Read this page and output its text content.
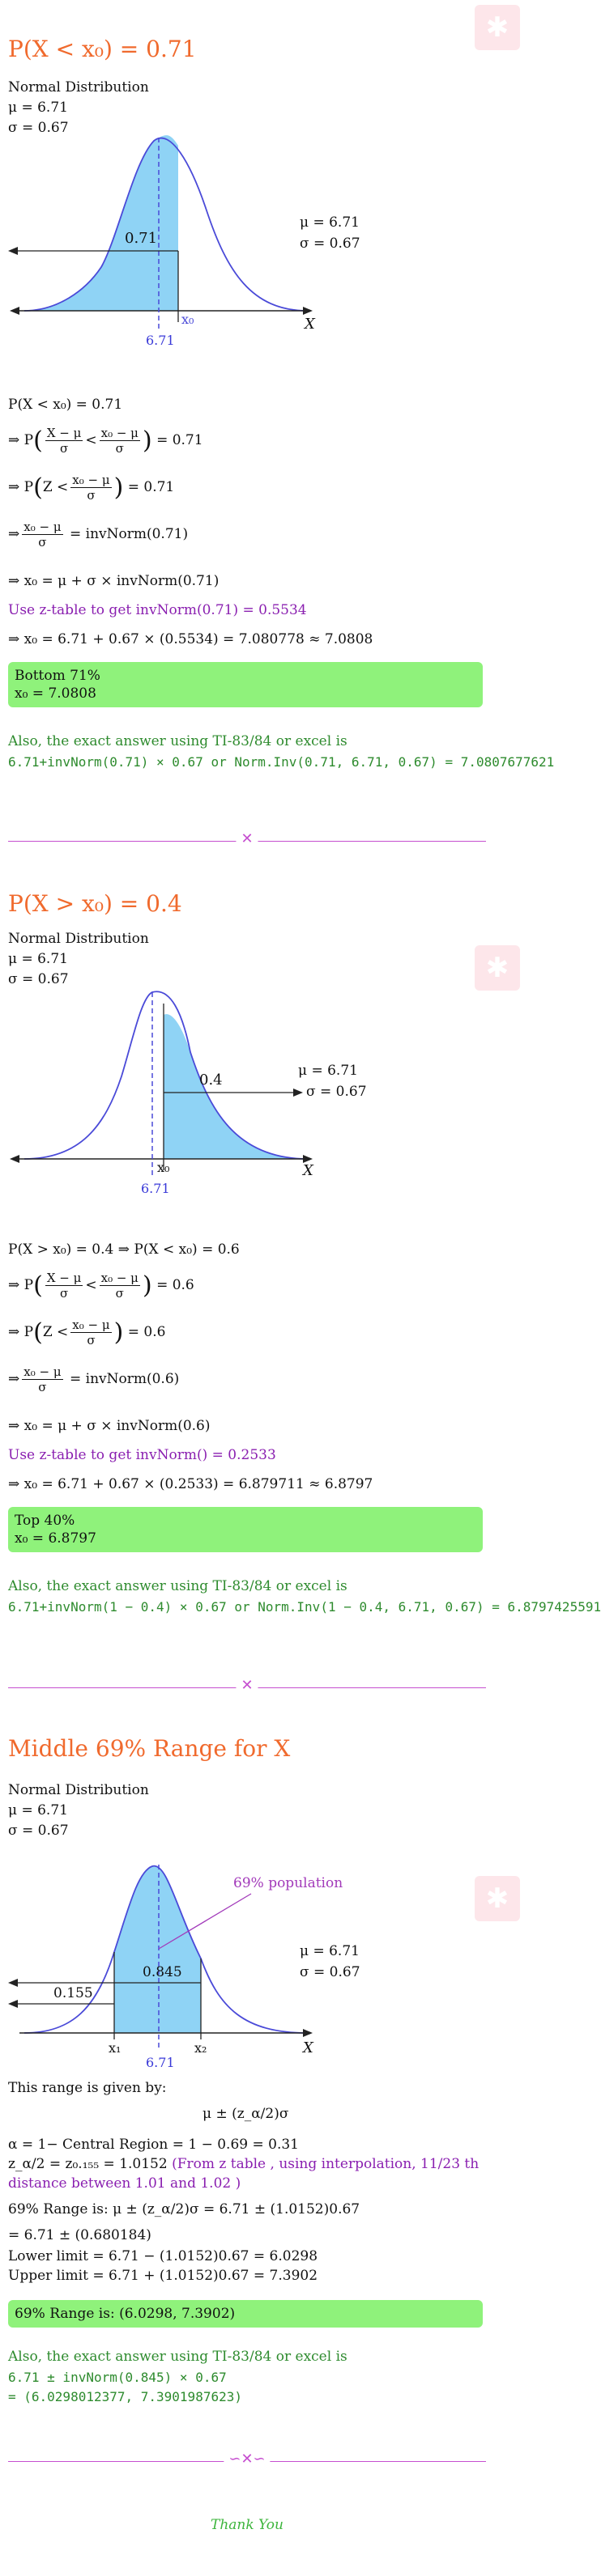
P(X < x₀) = 0.71
✱
Normal Distribution
μ = 6.71
σ = 0.67
0.71
x₀
6.71
X
μ = 6.71
σ = 0.67
P(X < x₀) = 0.71
⇒ $P( \frac{X - \mu}{\sigma} < \frac{\text{x₀ − μ}}{\sigma}$ ) = 0.71
⇒ $P(Z < \frac{\text{x₀ − μ}}{\sigma}$ ) = 0.71
⇒ $\frac{\text{x₀ − μ}}{\sigma}$ = invNorm(0.71)
⇒ x₀ = μ + σ × invNorm(0.71)
Use z-table to get invNorm(0.71) = 0.5534
⇒ x₀ = 6.71 + 0.67 × (0.5534) = 7.080778 ≈ 7.0808
Bottom 71%
x₀ = 7.0808
Also, the exact answer using TI-83/84 or excel is
6.71+invNorm(0.71) × 0.67 or Norm.Inv(0.71, 6.71, 0.67) = 7.0807677621
✕
P(X > x₀) = 0.4
✱
Normal Distribution
μ = 6.71
σ = 0.67
0.4
x₀
6.71
X
μ = 6.71
σ = 0.67
P(X > x₀) = 0.4 ⇒ P(X < x₀) = 0.6
⇒ $P( \frac{X - \mu}{\sigma} < \frac{\text{x₀ − μ}}{\sigma}$ ) = 0.6
⇒ $P(Z < \frac{\text{x₀ − μ}}{\sigma}$ ) = 0.6
⇒ $\frac{\text{x₀ − μ}}{\sigma}$ = invNorm(0.6)
⇒ x₀ = μ + σ × invNorm(0.6)
Use z-table to get invNorm() = 0.2533
⇒ x₀ = 6.71 + 0.67 × (0.2533) = 6.879711 ≈ 6.8797
Top 40%
x₀ = 6.8797
Also, the exact answer using TI-83/84 or excel is
6.71+invNorm(1 − 0.4) × 0.67 or Norm.Inv(1 − 0.4, 6.71, 0.67) = 6.8797425591
✕
Middle 69% Range for X
Normal Distribution
μ = 6.71
σ = 0.67
✱
69% population
0.845
0.155
x₁	x₂
6.71
X
μ = 6.71
σ = 0.67
This range is given by:
μ ± (z_α/2)σ
α = 1− Central Region = 1 − 0.69 = 0.31
z_α/2 = z₀.₁₅₅ = 1.0152 (From z table , using interpolation, 11/23 th
distance between 1.01 and 1.02 )
69% Range is: μ ± (z_α/2)σ = 6.71 ± (1.0152)0.67
= 6.71 ± (0.680184)
Lower limit = 6.71 − (1.0152)0.67 = 6.0298
Upper limit = 6.71 + (1.0152)0.67 = 7.3902
69% Range is: (6.0298, 7.3902)
Also, the exact answer using TI-83/84 or excel is
6.71 ± invNorm(0.845) × 0.67
= (6.0298012377, 7.3901987623)
∽✕∽
Thank You
